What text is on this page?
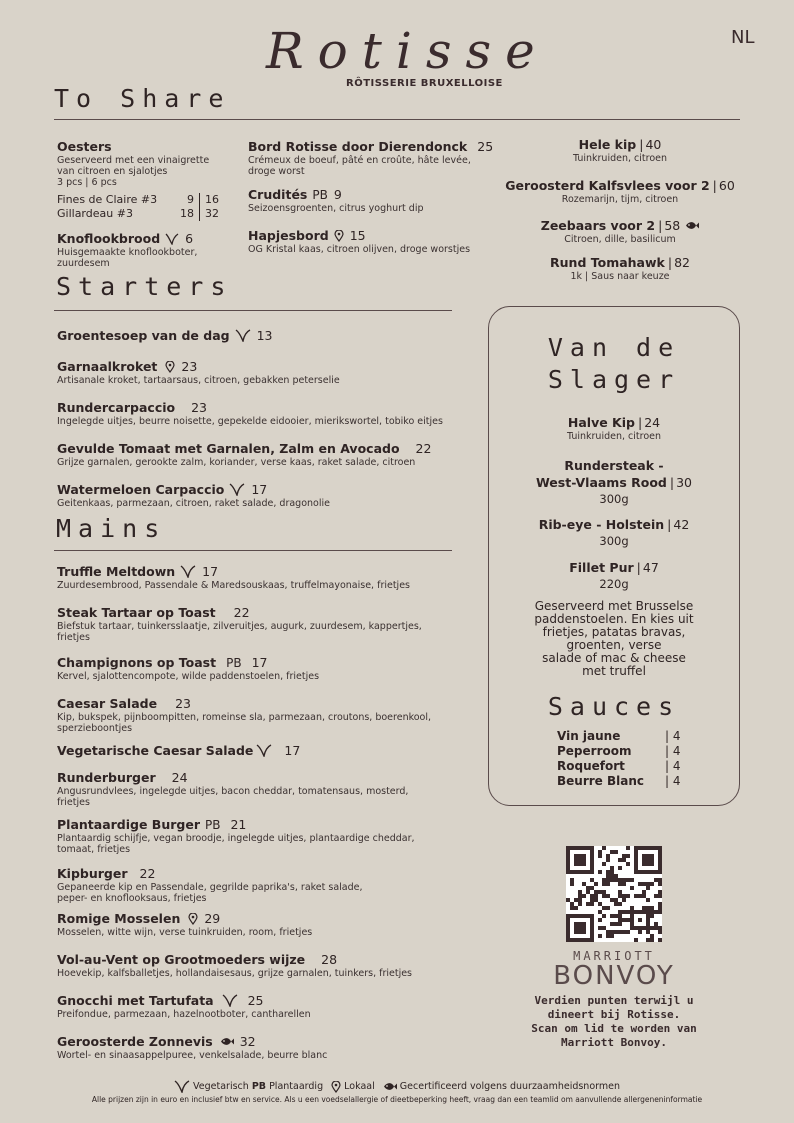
Rotisse
RÔTISSERIE BRUXELLOISE
NL
To Share
Oesters
Geserveerd met een vinaigrette
van citroen en sjalotjes
3 pcs | 6 pcs
Fines de Claire #3	9 16
Gillardeau #3	18 32
Knoflookbrood 6
Huisgemaakte knoflookboter,
zuurdesem
Bord Rotisse door Dierendonck 25
Crémeux de boeuf, pâté en croûte, hâte levée,
droge worst
Crudités PB 9
Seizoensgroenten, citrus yoghurt dip
Hapjesbord 15
OG Kristal kaas, citroen olijven, droge worstjes
Hele kip | 40
Tuinkruiden, citroen
Geroosterd Kalfsvlees voor 2 | 60
Rozemarijn, tijm, citroen
Zeebaars voor 2 | 58
Citroen, dille, basilicum
Rund Tomahawk | 82
1k | Saus naar keuze
Starters
Groentesoep van de dag 13
Garnaalkroket 23
Artisanale kroket, tartaarsaus, citroen, gebakken peterselie
Rundercarpaccio 23
Ingelegde uitjes, beurre noisette, gepekelde eidooier, mierikswortel, tobiko eitjes
Gevulde Tomaat met Garnalen, Zalm en Avocado 22
Grijze garnalen, gerookte zalm, koriander, verse kaas, raket salade, citroen
Watermeloen Carpaccio 17
Geitenkaas, parmezaan, citroen, raket salade, dragonolie
Mains
Truffle Meltdown 17
Zuurdesembrood, Passendale & Maredsouskaas, truffelmayonaise, frietjes
Steak Tartaar op Toast 22
Biefstuk tartaar, tuinkersslaatje, zilveruitjes, augurk, zuurdesem, kappertjes,
frietjes
Champignons op Toast PB 17
Kervel, sjalottencompote, wilde paddenstoelen, frietjes
Caesar Salade 23
Kip, bukspek, pijnboompitten, romeinse sla, parmezaan, croutons, boerenkool,
sperzieboontjes
Vegetarische Caesar Salade 17
Runderburger 24
Angusrundvlees, ingelegde uitjes, bacon cheddar, tomatensaus, mosterd,
frietjes
Plantaardige Burger PB 21
Plantaardig schijfje, vegan broodje, ingelegde uitjes, plantaardige cheddar,
tomaat, frietjes
Kipburger 22
Gepaneerde kip en Passendale, gegrilde paprika's, raket salade,
peper- en knoflooksaus, frietjes
Romige Mosselen 29
Mosselen, witte wijn, verse tuinkruiden, room, frietjes
Vol-au-Vent op Grootmoeders wijze 28
Hoevekip, kalfsballetjes, hollandaisesaus, grijze garnalen, tuinkers, frietjes
Gnocchi met Tartufata	25
Preifondue, parmezaan, hazelnootboter, cantharellen
Geroosterde Zonnevis 32
Wortel- en sinaasappelpuree, venkelsalade, beurre blanc
Van de
Slager
Halve Kip | 24
Tuinkruiden, citroen
Rundersteak -
West-Vlaams Rood | 30
300g
Rib-eye - Holstein | 42
300g
Fillet Pur | 47
220g
Geserveerd met Brusselse
paddenstoelen. En kies uit
frietjes, patatas bravas,
groenten, verse
salade of mac & cheese
met truffel
Sauces
Vin jaune	| 4
Peperroom	| 4
Roquefort	| 4
Beurre Blanc	| 4
MARRIOTT
BONVOY
Verdien punten terwijl u
dineert bij Rotisse.
Scan om lid te worden van
Marriott Bonvoy.
Vegetarisch PB Plantaardig Lokaal	Gecertificeerd volgens duurzaamheidsnormen
Alle prijzen zijn in euro en inclusief btw en service. Als u een voedselallergie of dieetbeperking heeft, vraag dan een teamlid om aanvullende allergeneninformatie
